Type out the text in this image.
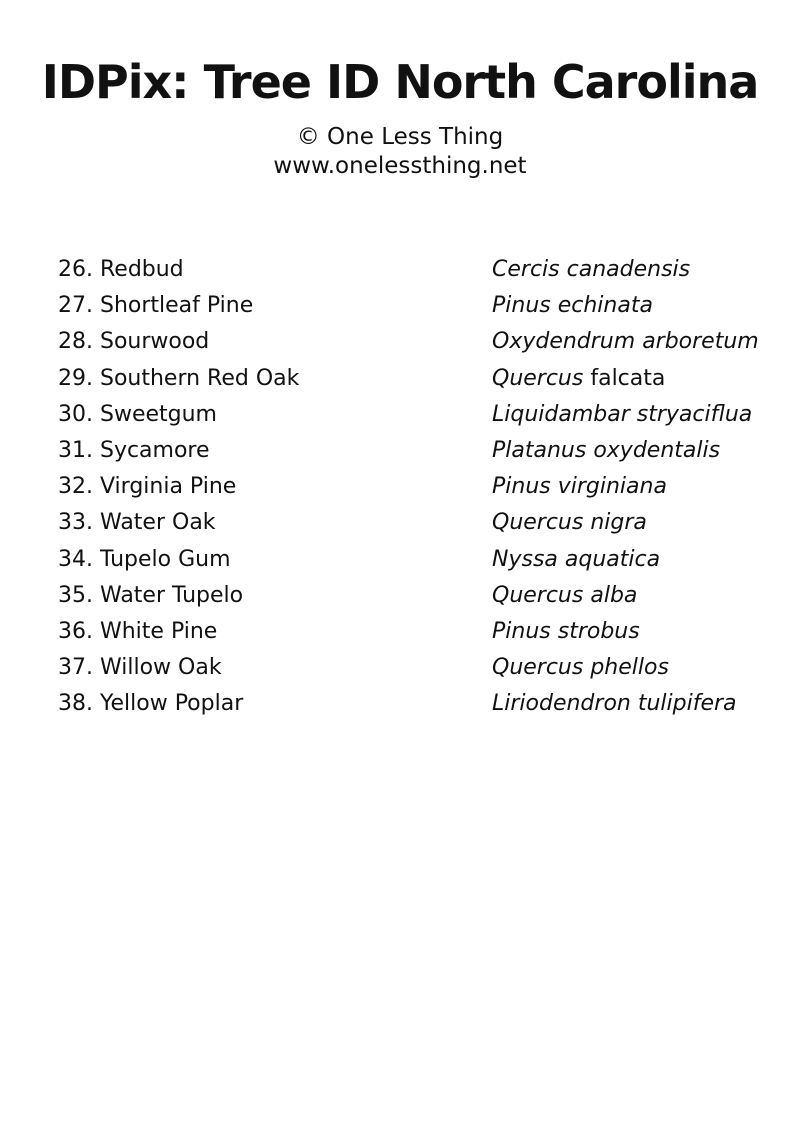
IDPix: Tree ID North Carolina
© One Less Thing
www.onelessthing.net
26. Redbud	Cercis canadensis
27. Shortleaf Pine	Pinus echinata
28. Sourwood	Oxydendrum arboretum
29. Southern Red Oak	Quercus falcata
30. Sweetgum	Liquidambar stryaciflua
31. Sycamore	Platanus oxydentalis
32. Virginia Pine	Pinus virginiana
33. Water Oak	Quercus nigra
34. Tupelo Gum	Nyssa aquatica
35. Water Tupelo	Quercus alba
36. White Pine	Pinus strobus
37. Willow Oak	Quercus phellos
38. Yellow Poplar	Liriodendron tulipifera
